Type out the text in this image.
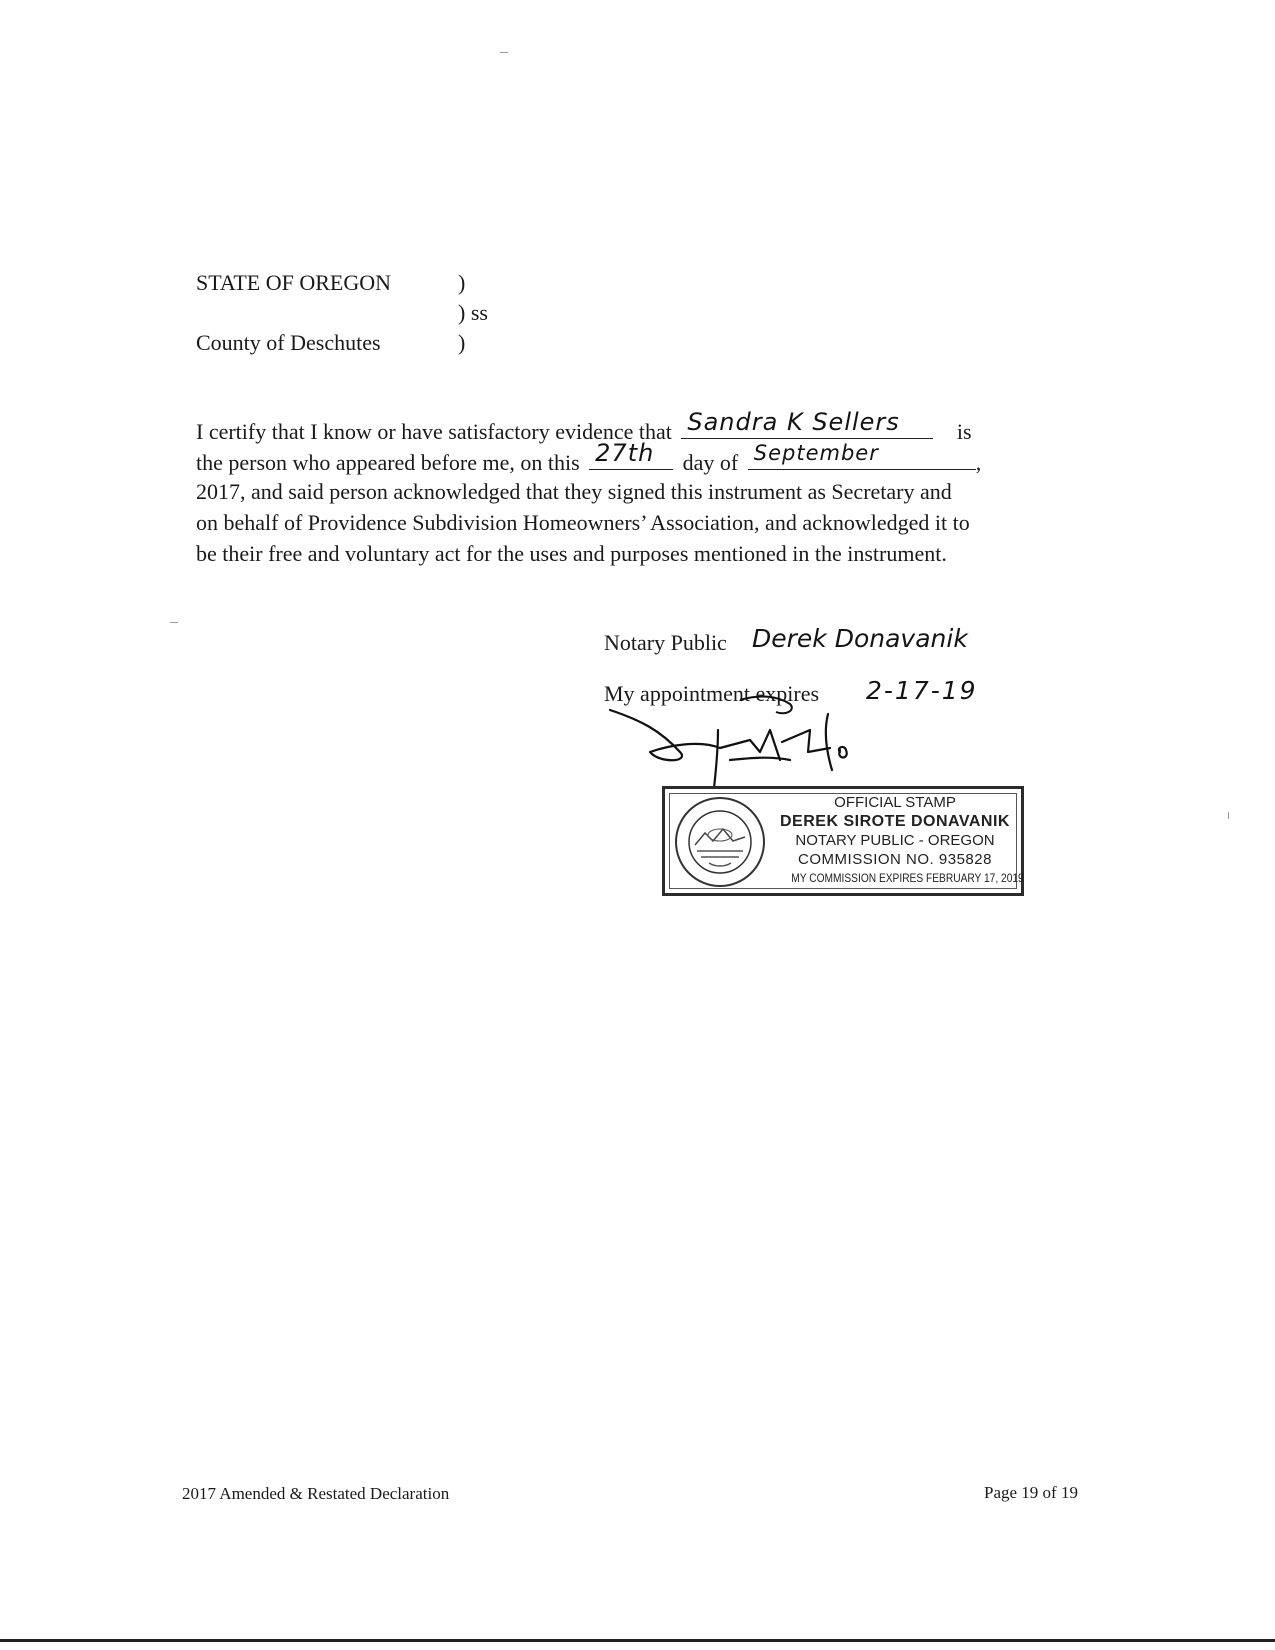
STATE OF OREGON	)
) ss
County of Deschutes	)
I certify that I know or have satisfactory evidence that Sandra K Sellers	is
the person who appeared before me, on this 27th day of September	,
2017, and said person acknowledged that they signed this instrument as Secretary and
on behalf of Providence Subdivision Homeowners’ Association, and acknowledged it to
be their free and voluntary act for the uses and purposes mentioned in the instrument.
Notary Public Derek Donavanik
My appointment expires 2-17-19
OFFICIAL STAMP
DEREK SIROTE DONAVANIK
NOTARY PUBLIC - OREGON
COMMISSION NO. 935828
MY COMMISSION EXPIRES FEBRUARY 17, 2019
2017 Amended & Restated Declaration	Page 19 of 19
